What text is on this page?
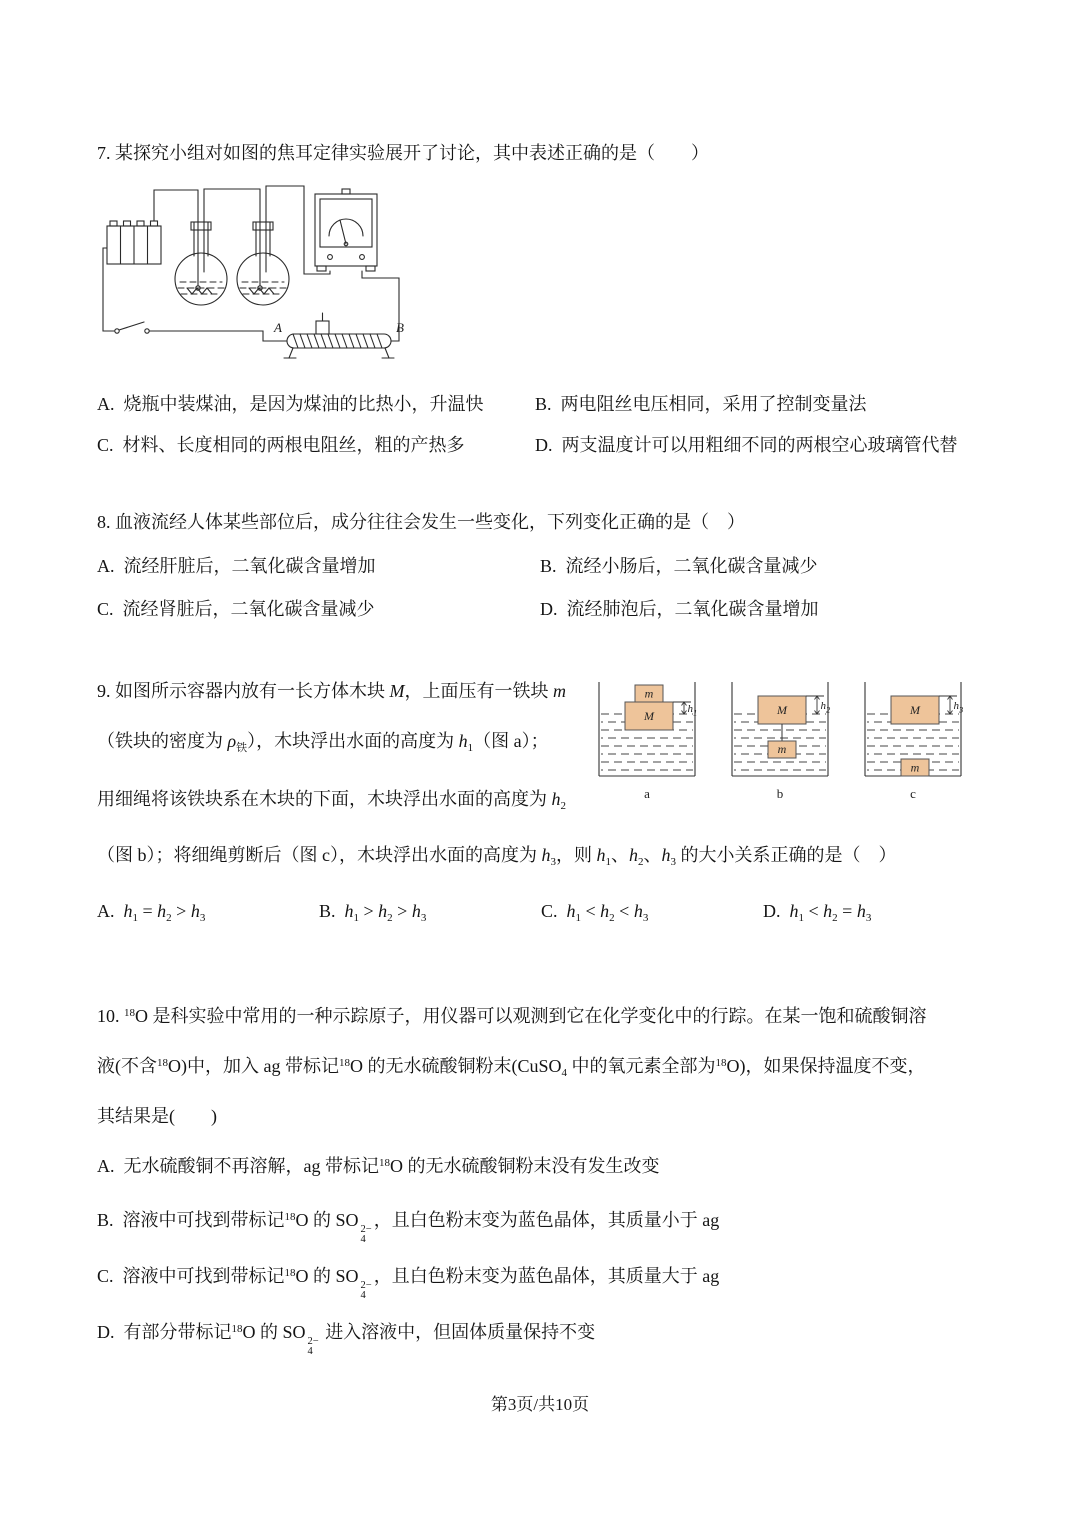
7. 某探究小组对如图的焦耳定律实验展开了讨论，其中表述正确的是（　　）
A	B
A. 烧瓶中装煤油，是因为煤油的比热小，升温快	B. 两电阻丝电压相同，采用了控制变量法
C. 材料、长度相同的两根电阻丝，粗的产热多	D. 两支温度计可以用粗细不同的两根空心玻璃管代替
8. 血液流经人体某些部位后，成分往往会发生一些变化，下列变化正确的是（　）
A. 流经肝脏后，二氧化碳含量增加	B. 流经小肠后，二氧化碳含量减少
C. 流经肾脏后，二氧化碳含量减少	D. 流经肺泡后，二氧化碳含量增加
9. 如图所示容器内放有一长方体木块 M，上面压有一铁块 m
（铁块的密度为 $\rho_铁$），木块浮出水面的高度为 $h_1$（图 a）；
用细绳将该铁块系在木块的下面，木块浮出水面的高度为 $h_2$
（图 b）；将细绳剪断后（图 c），木块浮出水面的高度为 $h_3$，则 $h_1$、$h_2$、$h_3$ 的大小关系正确的是（　）
m
M	$h_1$
a
m
M	$h_2$
b
m
M	$h_3$
c
A. $h_1 = h_2 > h_3$	B. $h_1 > h_2 > h_3$	C. $h_1 < h_2 < h_3$	D. $h_1 < h_2 = h_3$
10. $^{18}$O 是科实验中常用的一种示踪原子，用仪器可以观测到它在化学变化中的行踪。在某一饱和硫酸铜溶
液(不含$^{18}$O)中，加入 ag 带标记$^{18}$O 的无水硫酸铜粉末(CuSO$_4$ 中的氧元素全部为$^{18}$O)，如果保持温度不变，
其结果是(　　)
A. 无水硫酸铜不再溶解，ag 带标记$^{18}$O 的无水硫酸铜粉末没有发生改变
B. 溶液中可找到带标记$^{18}$O 的 SO 2−
4
，且白色粉末变为蓝色晶体，其质量小于 ag
C. 溶液中可找到带标记$^{18}$O 的 SO 2−
4
，且白色粉末变为蓝色晶体，其质量大于 ag
D. 有部分带标记$^{18}$O 的 SO 2−
4
进入溶液中，但固体质量保持不变
第3页/共10页
